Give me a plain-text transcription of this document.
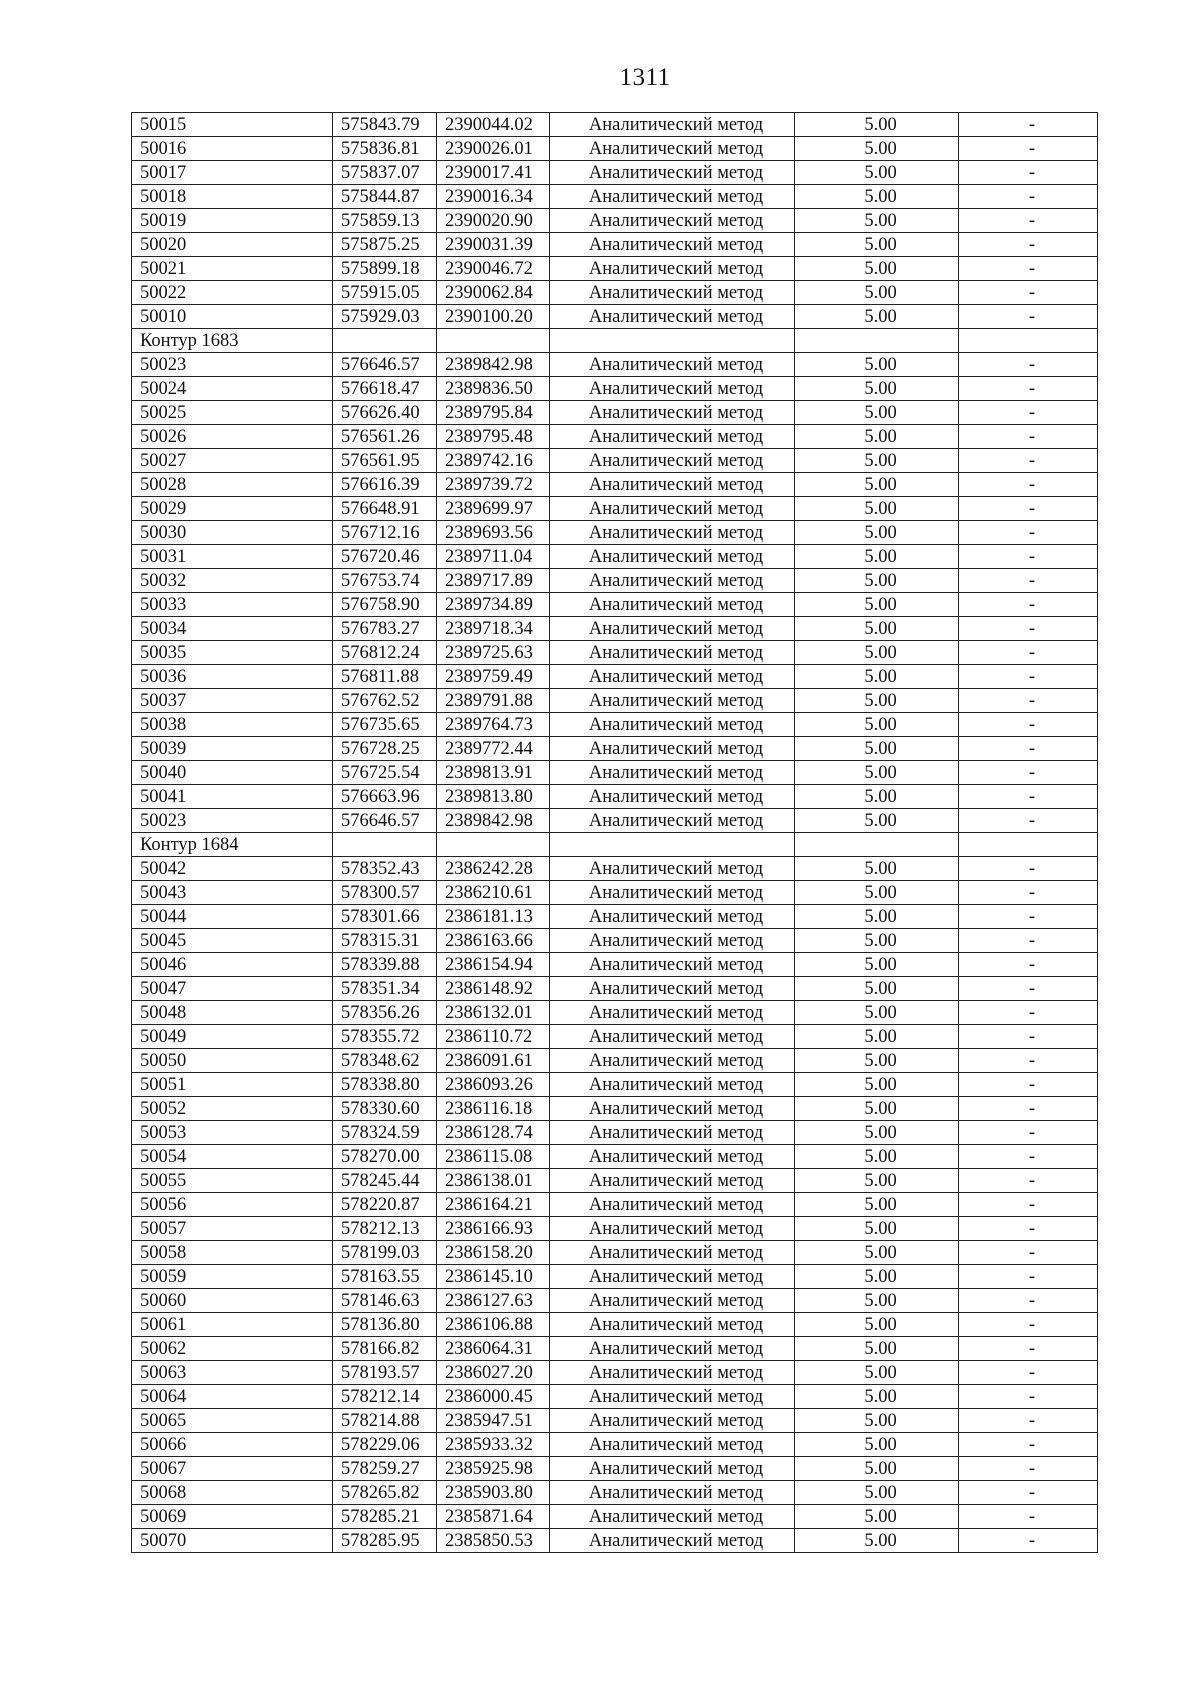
1311
50015	575843.79	2390044.02	Аналитический метод	5.00	-
50016	575836.81	2390026.01	Аналитический метод	5.00	-
50017	575837.07	2390017.41	Аналитический метод	5.00	-
50018	575844.87	2390016.34	Аналитический метод	5.00	-
50019	575859.13	2390020.90	Аналитический метод	5.00	-
50020	575875.25	2390031.39	Аналитический метод	5.00	-
50021	575899.18	2390046.72	Аналитический метод	5.00	-
50022	575915.05	2390062.84	Аналитический метод	5.00	-
50010	575929.03	2390100.20	Аналитический метод	5.00	-
Контур 1683					
50023	576646.57	2389842.98	Аналитический метод	5.00	-
50024	576618.47	2389836.50	Аналитический метод	5.00	-
50025	576626.40	2389795.84	Аналитический метод	5.00	-
50026	576561.26	2389795.48	Аналитический метод	5.00	-
50027	576561.95	2389742.16	Аналитический метод	5.00	-
50028	576616.39	2389739.72	Аналитический метод	5.00	-
50029	576648.91	2389699.97	Аналитический метод	5.00	-
50030	576712.16	2389693.56	Аналитический метод	5.00	-
50031	576720.46	2389711.04	Аналитический метод	5.00	-
50032	576753.74	2389717.89	Аналитический метод	5.00	-
50033	576758.90	2389734.89	Аналитический метод	5.00	-
50034	576783.27	2389718.34	Аналитический метод	5.00	-
50035	576812.24	2389725.63	Аналитический метод	5.00	-
50036	576811.88	2389759.49	Аналитический метод	5.00	-
50037	576762.52	2389791.88	Аналитический метод	5.00	-
50038	576735.65	2389764.73	Аналитический метод	5.00	-
50039	576728.25	2389772.44	Аналитический метод	5.00	-
50040	576725.54	2389813.91	Аналитический метод	5.00	-
50041	576663.96	2389813.80	Аналитический метод	5.00	-
50023	576646.57	2389842.98	Аналитический метод	5.00	-
Контур 1684					
50042	578352.43	2386242.28	Аналитический метод	5.00	-
50043	578300.57	2386210.61	Аналитический метод	5.00	-
50044	578301.66	2386181.13	Аналитический метод	5.00	-
50045	578315.31	2386163.66	Аналитический метод	5.00	-
50046	578339.88	2386154.94	Аналитический метод	5.00	-
50047	578351.34	2386148.92	Аналитический метод	5.00	-
50048	578356.26	2386132.01	Аналитический метод	5.00	-
50049	578355.72	2386110.72	Аналитический метод	5.00	-
50050	578348.62	2386091.61	Аналитический метод	5.00	-
50051	578338.80	2386093.26	Аналитический метод	5.00	-
50052	578330.60	2386116.18	Аналитический метод	5.00	-
50053	578324.59	2386128.74	Аналитический метод	5.00	-
50054	578270.00	2386115.08	Аналитический метод	5.00	-
50055	578245.44	2386138.01	Аналитический метод	5.00	-
50056	578220.87	2386164.21	Аналитический метод	5.00	-
50057	578212.13	2386166.93	Аналитический метод	5.00	-
50058	578199.03	2386158.20	Аналитический метод	5.00	-
50059	578163.55	2386145.10	Аналитический метод	5.00	-
50060	578146.63	2386127.63	Аналитический метод	5.00	-
50061	578136.80	2386106.88	Аналитический метод	5.00	-
50062	578166.82	2386064.31	Аналитический метод	5.00	-
50063	578193.57	2386027.20	Аналитический метод	5.00	-
50064	578212.14	2386000.45	Аналитический метод	5.00	-
50065	578214.88	2385947.51	Аналитический метод	5.00	-
50066	578229.06	2385933.32	Аналитический метод	5.00	-
50067	578259.27	2385925.98	Аналитический метод	5.00	-
50068	578265.82	2385903.80	Аналитический метод	5.00	-
50069	578285.21	2385871.64	Аналитический метод	5.00	-
50070	578285.95	2385850.53	Аналитический метод	5.00	-
